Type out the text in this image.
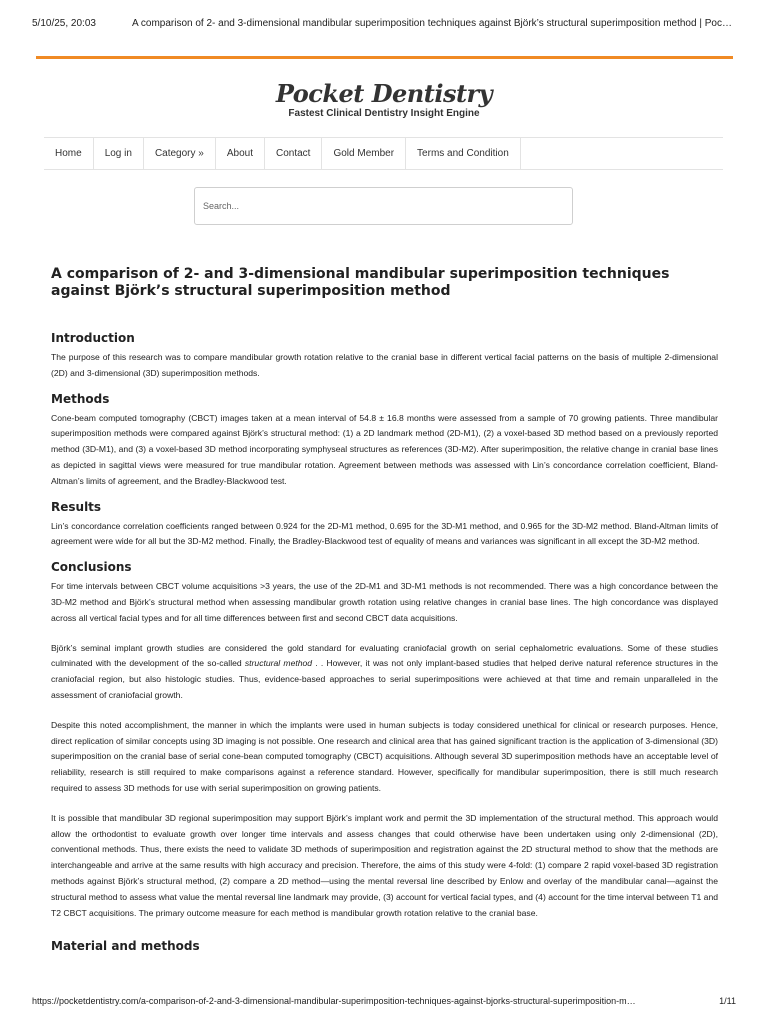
5/10/25, 20:03	A comparison of 2- and 3-dimensional mandibular superimposition techniques against Björk’s structural superimposition method | Poc…
Pocket Dentistry
Fastest Clinical Dentistry Insight Engine
Home	Log in	Category »	About	Contact	Gold Member	Terms and Condition
Search...
A comparison of 2- and 3-dimensional mandibular superimposition techniques against Björk’s structural superimposition method
Introduction

The purpose of this research was to compare mandibular growth rotation relative to the cranial base in different vertical facial patterns on the basis of multiple 2-dimensional (2D) and 3-dimensional (3D) superimposition methods.

Methods

Cone-beam computed tomography (CBCT) images taken at a mean interval of 54.8 ± 16.8 months were assessed from a sample of 70 growing patients. Three mandibular superimposition methods were compared against Björk’s structural method: (1) a 2D landmark method (2D-M1), (2) a voxel-based 3D method based on a previously reported method (3D-M1), and (3) a voxel-based 3D method incorporating symphyseal structures as references (3D-M2). After superimposition, the relative change in cranial base lines as depicted in sagittal views were measured for true mandibular rotation. Agreement between methods was assessed with Lin’s concordance correlation coefficient, Bland-Altman’s limits of agreement, and the Bradley-Blackwood test.

Results

Lin’s concordance correlation coefficients ranged between 0.924 for the 2D-M1 method, 0.695 for the 3D-M1 method, and 0.965 for the 3D-M2 method. Bland-Altman limits of agreement were wide for all but the 3D-M2 method. Finally, the Bradley-Blackwood test of equality of means and variances was significant in all except the 3D-M2 method.

Conclusions

For time intervals between CBCT volume acquisitions >3 years, the use of the 2D-M1 and 3D-M1 methods is not recommended. There was a high concordance between the 3D-M2 method and Björk’s structural method when assessing mandibular growth rotation using relative changes in cranial base lines. The high concordance was displayed across all vertical facial types and for all time differences between first and second CBCT data acquisitions.

Björk’s seminal implant growth studies are considered the gold standard for evaluating craniofacial growth on serial cephalometric evaluations. Some of these studies culminated with the development of the so-called structural method . . However, it was not only implant-based studies that helped derive natural reference structures in the craniofacial region, but also histologic studies. Thus, evidence-based approaches to serial superimpositions were achieved at that time and remain unparalleled in the assessment of craniofacial growth.

Despite this noted accomplishment, the manner in which the implants were used in human subjects is today considered unethical for clinical or research purposes. Hence, direct replication of similar concepts using 3D imaging is not possible. One research and clinical area that has gained significant traction is the application of 3-dimensional (3D) superimposition on the cranial base of serial cone-bean computed tomography (CBCT) acquisitions. Although several 3D superimposition methods have an acceptable level of reliability, research is still required to make comparisons against a reference standard. However, specifically for mandibular superimposition, there is still much research required to assess 3D methods for use with serial superimposition on growing patients.

It is possible that mandibular 3D regional superimposition may support Björk’s implant work and permit the 3D implementation of the structural method. This approach would allow the orthodontist to evaluate growth over longer time intervals and assess changes that could otherwise have been undertaken using only 2-dimensional (2D), conventional methods. Thus, there exists the need to validate 3D methods of superimposition and registration against the 2D structural method to show that the methods are interchangeable and arrive at the same results with high accuracy and precision. Therefore, the aims of this study were 4-fold: (1) compare 2 rapid voxel-based 3D registration methods against Björk’s structural method, (2) compare a 2D method—using the mental reversal line described by Enlow and overlay of the mandibular canal—against the structural method to assess what value the mental reversal line landmark may provide, (3) account for vertical facial types, and (4) account for the time interval between T1 and T2 CBCT acquisitions. The primary outcome measure for each method is mandibular growth rotation relative to the cranial base.

Material and methods
https://pocketdentistry.com/a-comparison-of-2-and-3-dimensional-mandibular-superimposition-techniques-against-bjorks-structural-superimposition-m…	1/11
